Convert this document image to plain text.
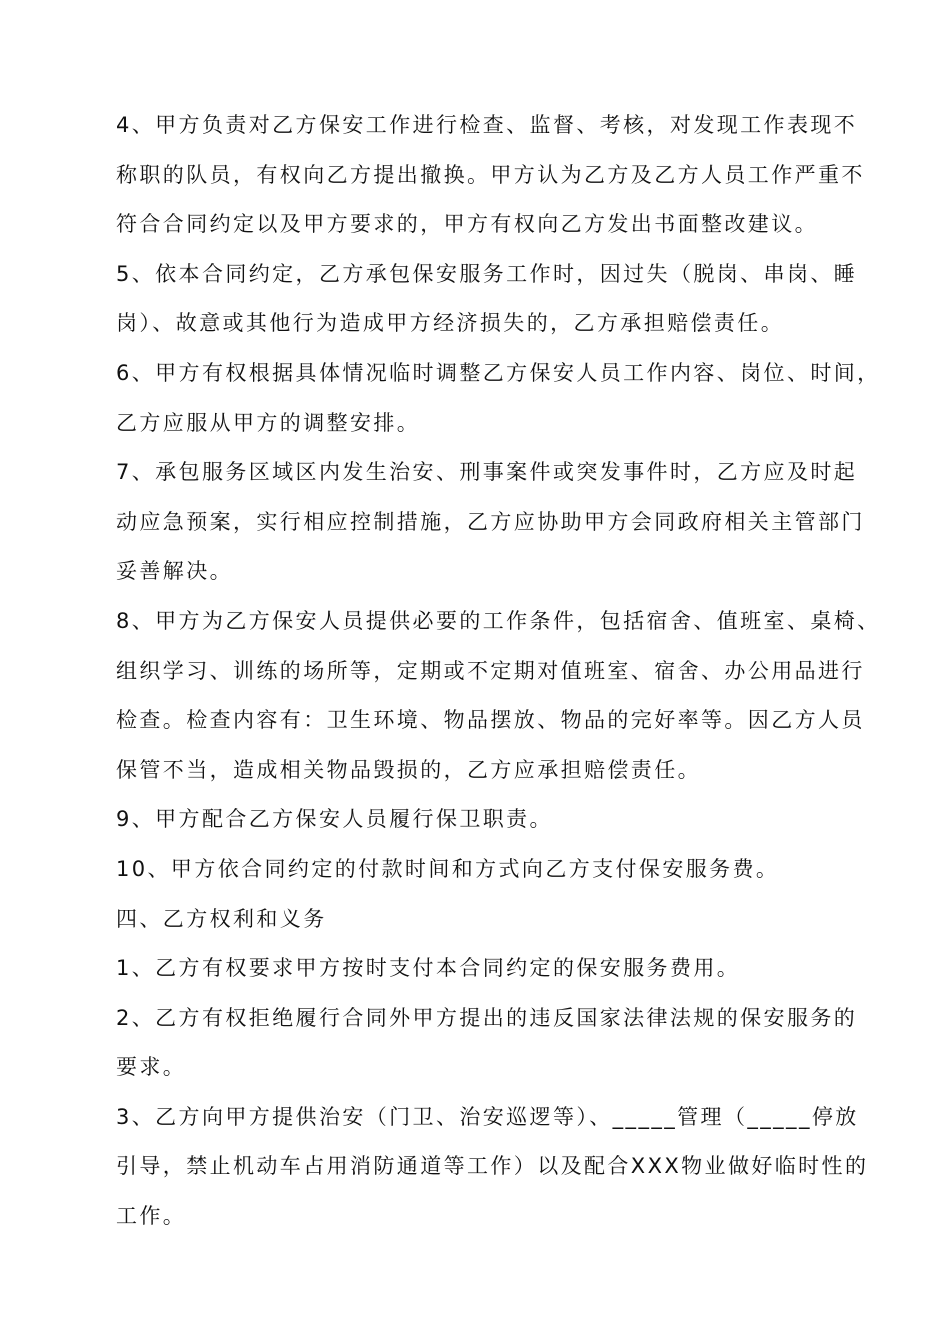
4、甲方负责对乙方保安工作进行检查、监督、考核，对发现工作表现不
称职的队员，有权向乙方提出撤换。甲方认为乙方及乙方人员工作严重不
符合合同约定以及甲方要求的，甲方有权向乙方发出书面整改建议。
5、依本合同约定，乙方承包保安服务工作时，因过失（脱岗、串岗、睡
岗）、故意或其他行为造成甲方经济损失的，乙方承担赔偿责任。
6、甲方有权根据具体情况临时调整乙方保安人员工作内容、岗位、时间，
乙方应服从甲方的调整安排。
7、承包服务区域区内发生治安、刑事案件或突发事件时，乙方应及时起
动应急预案，实行相应控制措施，乙方应协助甲方会同政府相关主管部门
妥善解决。
8、甲方为乙方保安人员提供必要的工作条件，包括宿舍、值班室、桌椅、
组织学习、训练的场所等，定期或不定期对值班室、宿舍、办公用品进行
检查。检查内容有：卫生环境、物品摆放、物品的完好率等。因乙方人员
保管不当，造成相关物品毁损的，乙方应承担赔偿责任。
9、甲方配合乙方保安人员履行保卫职责。
10、甲方依合同约定的付款时间和方式向乙方支付保安服务费。
四、乙方权利和义务
1、乙方有权要求甲方按时支付本合同约定的保安服务费用。
2、乙方有权拒绝履行合同外甲方提出的违反国家法律法规的保安服务的
要求。
3、乙方向甲方提供治安（门卫、治安巡逻等）、_____管理（_____停放
引导，禁止机动车占用消防通道等工作）以及配合XXX物业做好临时性的
工作。
